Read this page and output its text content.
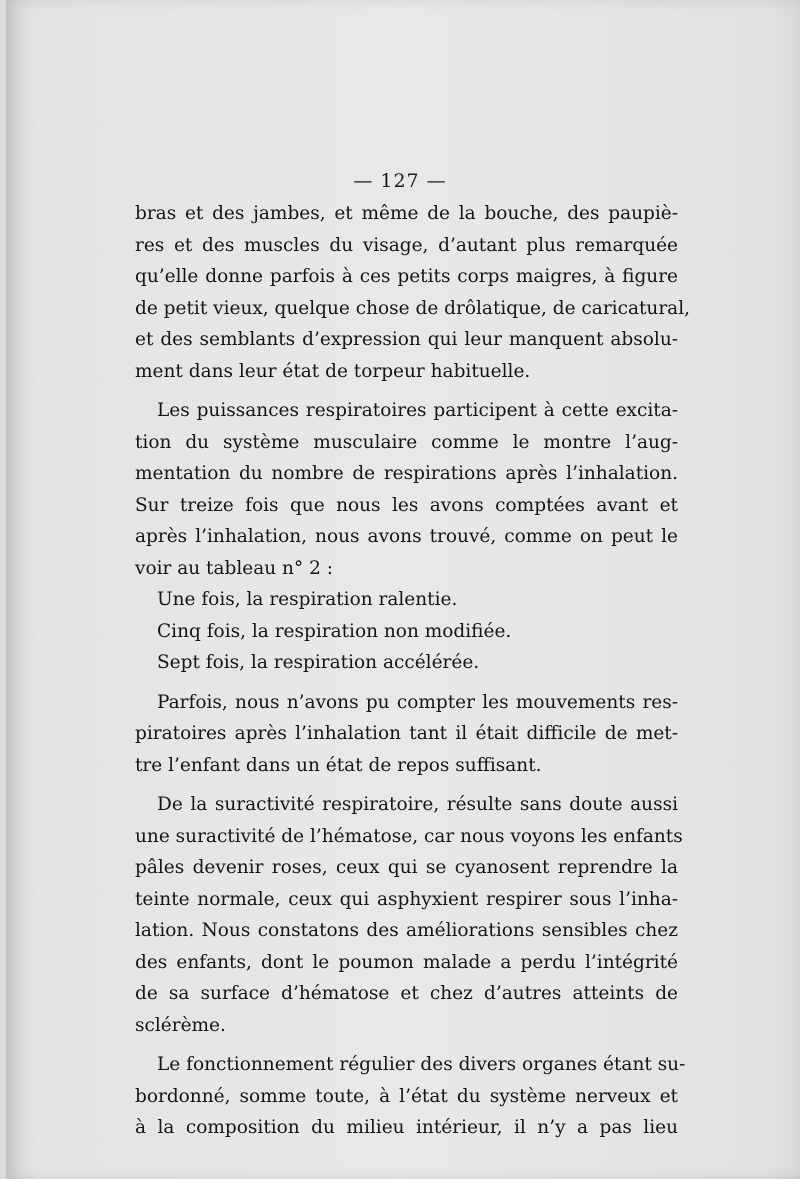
— 127 —

bras et des jambes, et même de la bouche, des paupiè-
res et des muscles du visage, d’autant plus remarquée
qu’elle donne parfois à ces petits corps maigres, à figure
de petit vieux, quelque chose de drôlatique, de caricatural,
et des semblants d’expression qui leur manquent absolu-
ment dans leur état de torpeur habituelle.

Les puissances respiratoires participent à cette excita-
tion du système musculaire comme le montre l’aug-
mentation du nombre de respirations après l’inhalation.
Sur treize fois que nous les avons comptées avant et
après l’inhalation, nous avons trouvé, comme on peut le
voir au tableau n° 2 :

Une fois, la respiration ralentie.
Cinq fois, la respiration non modifiée.
Sept fois, la respiration accélérée.

Parfois, nous n’avons pu compter les mouvements res-
piratoires après l’inhalation tant il était difficile de met-
tre l’enfant dans un état de repos suffisant.

De la suractivité respiratoire, résulte sans doute aussi
une suractivité de l’hématose, car nous voyons les enfants
pâles devenir roses, ceux qui se cyanosent reprendre la
teinte normale, ceux qui asphyxient respirer sous l’inha-
lation. Nous constatons des améliorations sensibles chez
des enfants, dont le poumon malade a perdu l’intégrité
de sa surface d’hématose et chez d’autres atteints de
sclérème.

Le fonctionnement régulier des divers organes étant su-
bordonné, somme toute, à l’état du système nerveux et
à la composition du milieu intérieur, il n’y a pas lieu
